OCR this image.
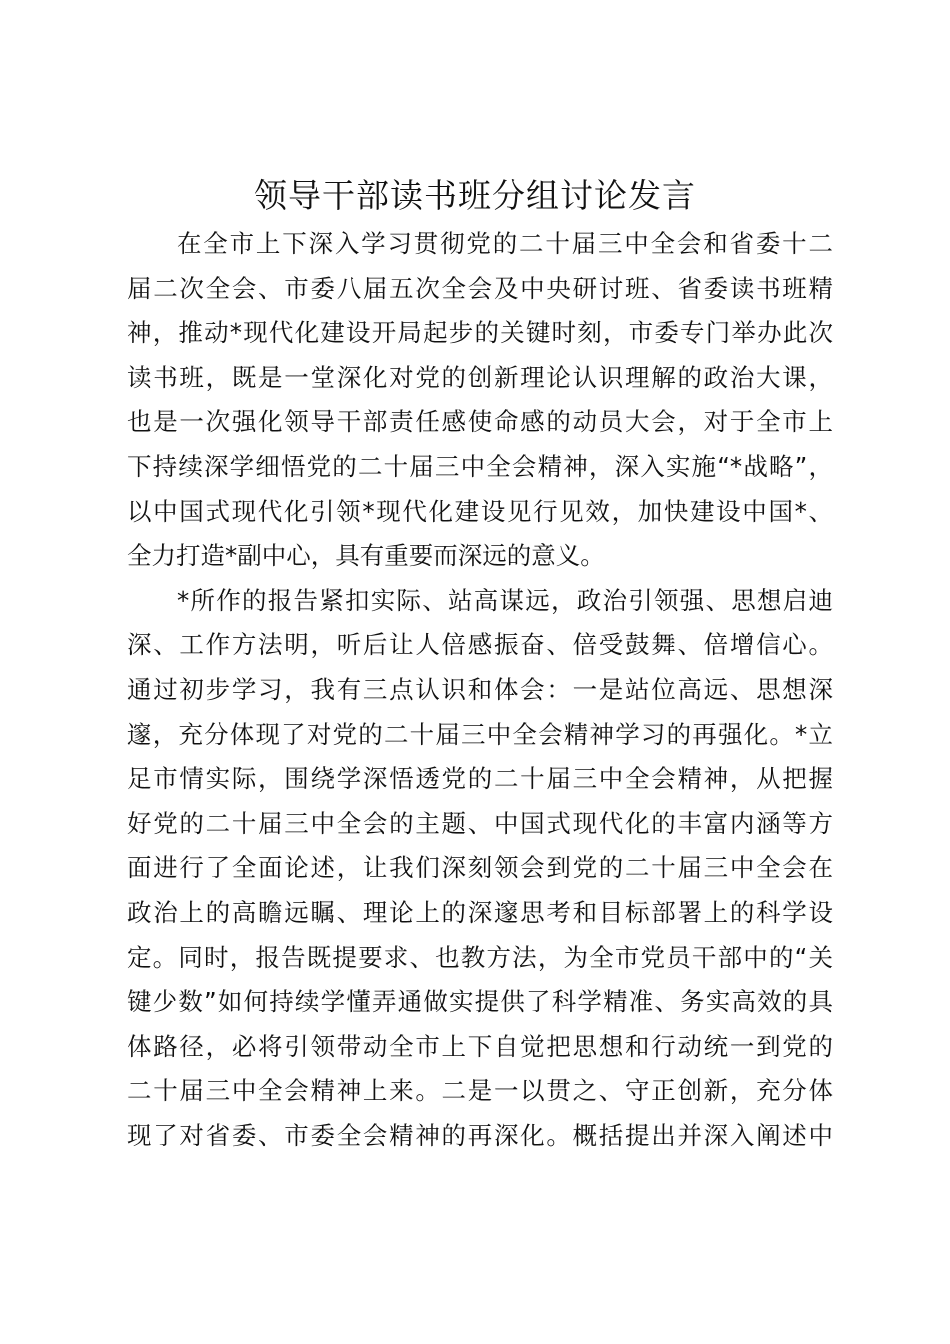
领导干部读书班分组讨论发言
在全市上下深入学习贯彻党的二十届三中全会和省委十二
届二次全会、市委八届五次全会及中央研讨班、省委读书班精
神，推动*现代化建设开局起步的关键时刻，市委专门举办此次
读书班，既是一堂深化对党的创新理论认识理解的政治大课，
也是一次强化领导干部责任感使命感的动员大会，对于全市上
下持续深学细悟党的二十届三中全会精神，深入实施“*战略”，
以中国式现代化引领*现代化建设见行见效，加快建设中国*、
全力打造*副中心，具有重要而深远的意义。
*所作的报告紧扣实际、站高谋远，政治引领强、思想启迪
深、工作方法明，听后让人倍感振奋、倍受鼓舞、倍增信心。
通过初步学习，我有三点认识和体会：一是站位高远、思想深
邃，充分体现了对党的二十届三中全会精神学习的再强化。*立
足市情实际，围绕学深悟透党的二十届三中全会精神，从把握
好党的二十届三中全会的主题、中国式现代化的丰富内涵等方
面进行了全面论述，让我们深刻领会到党的二十届三中全会在
政治上的高瞻远瞩、理论上的深邃思考和目标部署上的科学设
定。同时，报告既提要求、也教方法，为全市党员干部中的“关
键少数”如何持续学懂弄通做实提供了科学精准、务实高效的具
体路径，必将引领带动全市上下自觉把思想和行动统一到党的
二十届三中全会精神上来。二是一以贯之、守正创新，充分体
现了对省委、市委全会精神的再深化。概括提出并深入阐述中
